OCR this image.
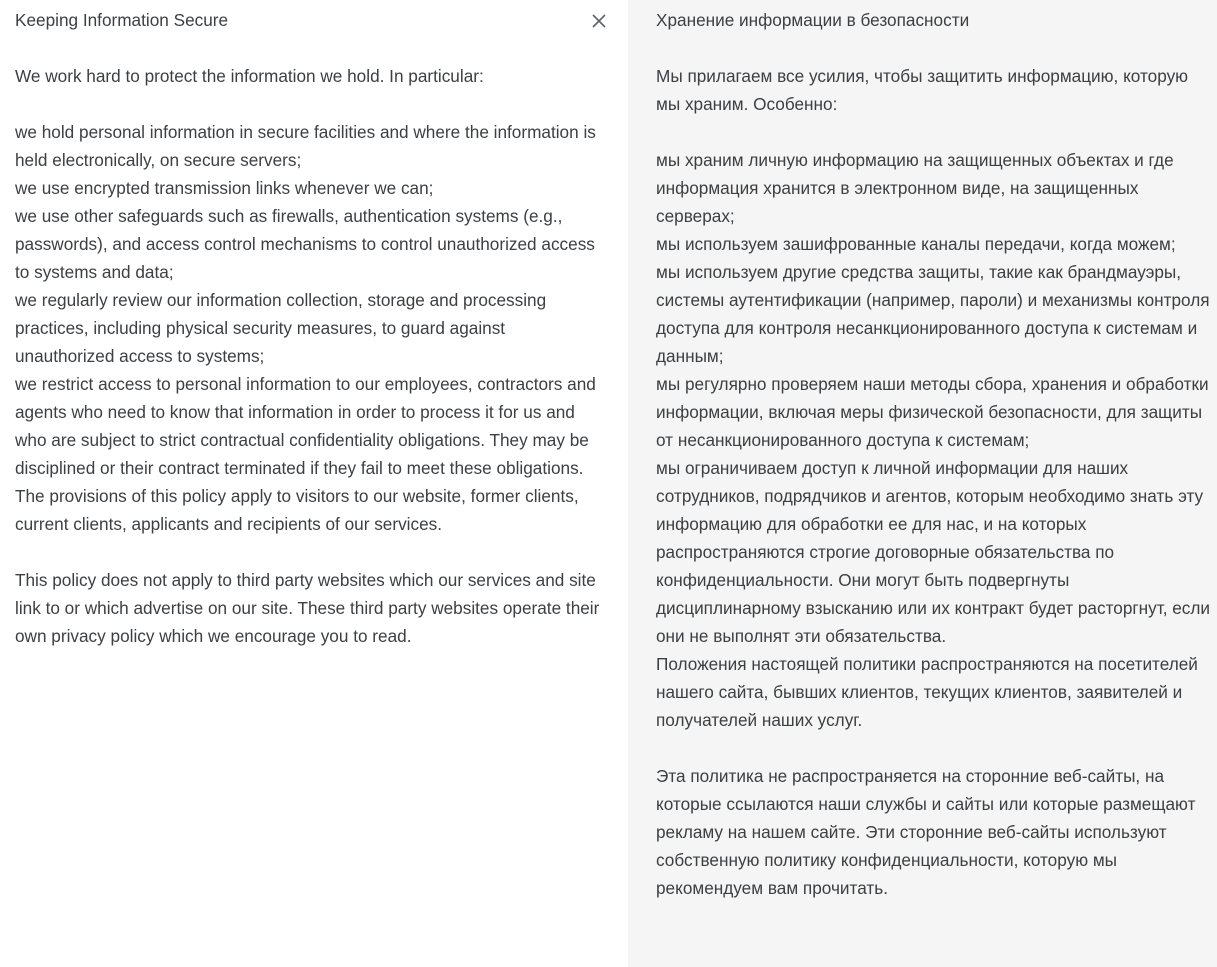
Keeping Information Secure

We work hard to protect the information we hold. In particular:

we hold personal information in secure facilities and where the information is held electronically, on secure servers;
we use encrypted transmission links whenever we can;
we use other safeguards such as firewalls, authentication systems (e.g., passwords), and access control mechanisms to control unauthorized access to systems and data;
we regularly review our information collection, storage and processing practices, including physical security measures, to guard against unauthorized access to systems;
we restrict access to personal information to our employees, contractors and agents who need to know that information in order to process it for us and who are subject to strict contractual confidentiality obligations. They may be disciplined or their contract terminated if they fail to meet these obligations.
The provisions of this policy apply to visitors to our website, former clients, current clients, applicants and recipients of our services.

This policy does not apply to third party websites which our services and site link to or which advertise on our site. These third party websites operate their own privacy policy which we encourage you to read.

Хранение информации в безопасности

Мы прилагаем все усилия, чтобы защитить информацию, которую мы храним. Особенно:

мы храним личную информацию на защищенных объектах и где информация хранится в электронном виде, на защищенных серверах;
мы используем зашифрованные каналы передачи, когда можем;
мы используем другие средства защиты, такие как брандмауэры, системы аутентификации (например, пароли) и механизмы контроля доступа для контроля несанкционированного доступа к системам и данным;
мы регулярно проверяем наши методы сбора, хранения и обработки информации, включая меры физической безопасности, для защиты от несанкционированного доступа к системам;
мы ограничиваем доступ к личной информации для наших сотрудников, подрядчиков и агентов, которым необходимо знать эту информацию для обработки ее для нас, и на которых распространяются строгие договорные обязательства по конфиденциальности. Они могут быть подвергнуты дисциплинарному взысканию или их контракт будет расторгнут, если они не выполнят эти обязательства.
Положения настоящей политики распространяются на посетителей нашего сайта, бывших клиентов, текущих клиентов, заявителей и получателей наших услуг.

Эта политика не распространяется на сторонние веб-сайты, на которые ссылаются наши службы и сайты или которые размещают рекламу на нашем сайте. Эти сторонние веб-сайты используют собственную политику конфиденциальности, которую мы рекомендуем вам прочитать.
